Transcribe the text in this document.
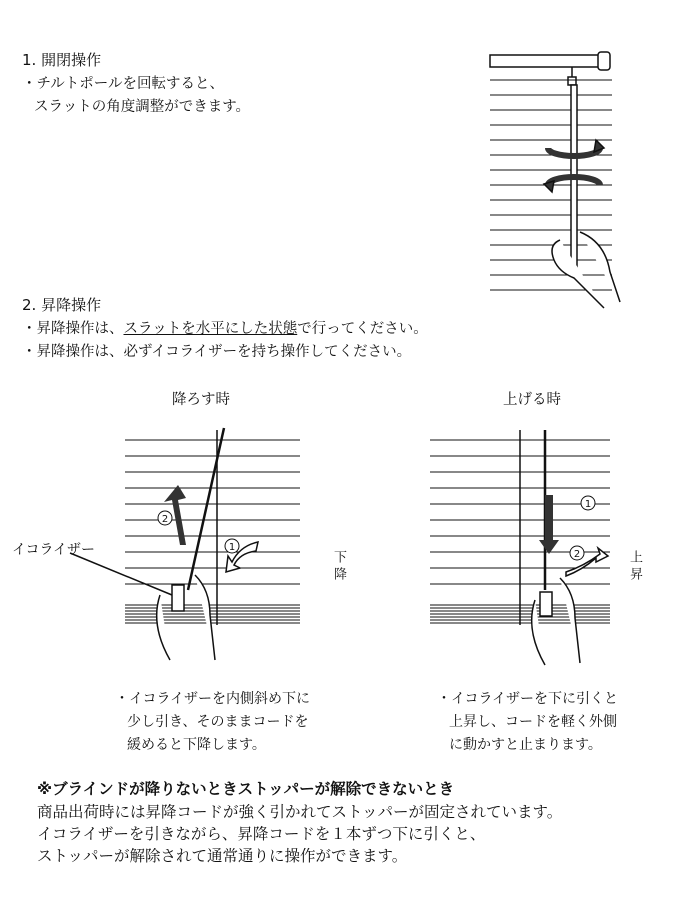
2
1
1
2
1. 開閉操作
・チルトポールを回転すると、
スラットの角度調整ができます。
2. 昇降操作
・昇降操作は、スラットを水平にした状態で行ってください。
・昇降操作は、必ずイコライザーを持ち操作してください。
降ろす時
イコライザー	下降
上げる時
上昇
・イコライザーを内側斜め下に
少し引き、そのままコードを
緩めると下降します。
・イコライザーを下に引くと
上昇し、コードを軽く外側
に動かすと止まります。
※ブラインドが降りないときストッパーが解除できないとき
商品出荷時には昇降コードが強く引かれてストッパーが固定されています。
イコライザーを引きながら、昇降コードを１本ずつ下に引くと、
ストッパーが解除されて通常通りに操作ができます。
